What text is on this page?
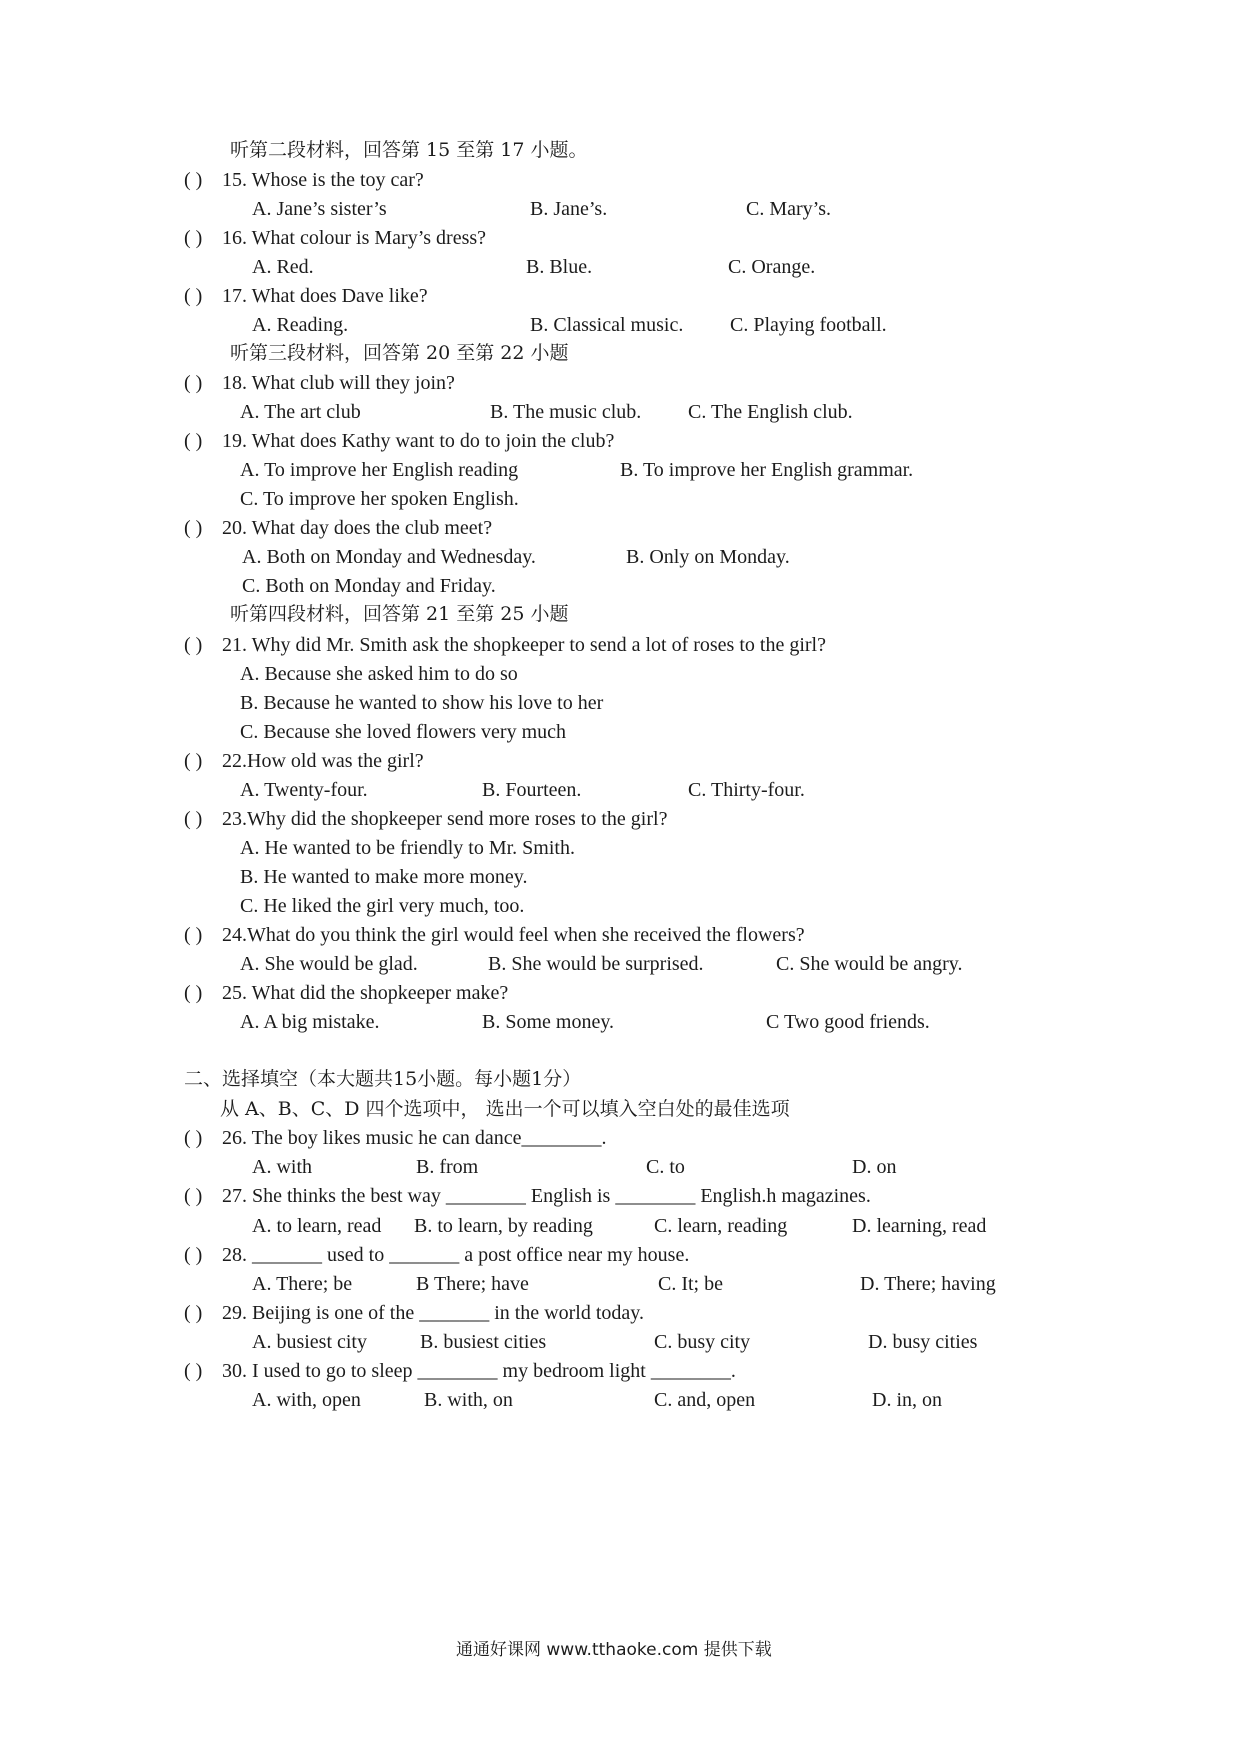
听第二段材料，回答第 15 至第 17 小题。
( ) 15. Whose is the toy car?
A. Jane’s sister’s	B. Jane’s.	C. Mary’s.
( ) 16. What colour is Mary’s dress?
A. Red.	B. Blue.	C. Orange.
( ) 17. What does Dave like?
A. Reading.	B. Classical music. C. Playing football.
听第三段材料，回答第 20 至第 22 小题
( ) 18. What club will they join?
A. The art club	B. The music club. C. The English club.
( ) 19. What does Kathy want to do to join the club?
A. To improve her English reading	B. To improve her English grammar.
C. To improve her spoken English.
( ) 20. What day does the club meet?
A. Both on Monday and Wednesday.	B. Only on Monday.
C. Both on Monday and Friday.
听第四段材料，回答第 21 至第 25 小题
( ) 21. Why did Mr. Smith ask the shopkeeper to send a lot of roses to the girl?
A. Because she asked him to do so
B. Because he wanted to show his love to her
C. Because she loved flowers very much
( ) 22.How old was the girl?
A. Twenty-four.	B. Fourteen.	C. Thirty-four.
( ) 23.Why did the shopkeeper send more roses to the girl?
A. He wanted to be friendly to Mr. Smith.
B. He wanted to make more money.
C. He liked the girl very much, too.
( ) 24.What do you think the girl would feel when she received the flowers?
A. She would be glad.	B. She would be surprised.	C. She would be angry.
( ) 25. What did the shopkeeper make?
A. A big mistake.	B. Some money.	C Two good friends.
二、选择填空（本大题共15小题。每小题1分）
从 A、B、C、D 四个选项中， 选出一个可以填入空白处的最佳选项
( ) 26. The boy likes music he can dance________.
A. with	B. from	C. to	D. on
( ) 27. She thinks the best way ________ English is ________ English.h magazines.
A. to learn, read B. to learn, by reading	C. learn, reading	D. learning, read
( ) 28. _______ used to _______ a post office near my house.
A. There; be	B There; have	C. It; be	D. There; having
( ) 29. Beijing is one of the _______ in the world today.
A. busiest city	B. busiest cities	C. busy city	D. busy cities
( ) 30. I used to go to sleep ________ my bedroom light ________.
A. with, open	B. with, on	C. and, open	D. in, on
通通好课网 www.tthaoke.com 提供下载
